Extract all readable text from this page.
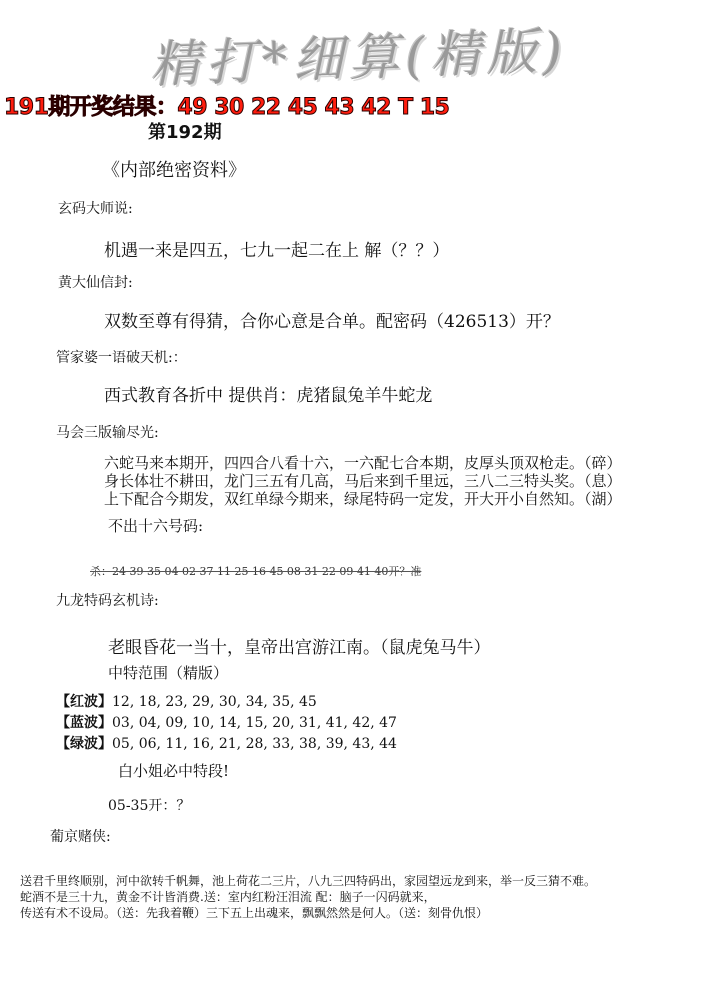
精打*细算(精版)
191期开奖结果：49 30 22 45 43 42 T 15
第192期
《内部绝密资料》
玄码大师说:
机遇一来是四五，七九一起二在上 解（？？）
黄大仙信封:
双数至尊有得猜，合你心意是合单。配密码（426513）开？
管家婆一语破天机:：
西式教育各折中 提供肖：虎猪鼠兔羊牛蛇龙
马会三版输尽光:
六蛇马来本期开，四四合八看十六，一六配七合本期，皮厚头顶双枪走。（碎）
身长体壮不耕田，龙门三五有几高，马后来到千里远，三八二三特头奖。（息）
上下配合今期发，双红单绿今期来，绿尾特码一定发，开大开小自然知。（湖）
不出十六号码:
杀：24 39 35 04 02 37 11 25 16 45 08 31 22 09 41 40开？准
九龙特码玄机诗:
老眼昏花一当十，皇帝出宫游江南。（鼠虎兔马牛）
中特范围（精版）
【红波】12, 18, 23, 29, 30, 34, 35, 45
【蓝波】03, 04, 09, 10, 14, 15, 20, 31, 41, 42, 47
【绿波】05, 06, 11, 16, 21, 28, 33, 38, 39, 43, 44
白小姐必中特段!
05-35开：？
葡京赌侠:
送君千里终顺别，河中欲转千帆舞，池上荷花二三片，八九三四特码出，家园望远龙到来，举一反三猜不难。
蛇酒不是三十九，黄金不计皆消费.送：室内红粉汪泪流 配：脑子一闪码就来，
传送有术不设局。（送：先我着鞭）三下五上出魂来，飘飘然然是何人。（送：刻骨仇恨）
